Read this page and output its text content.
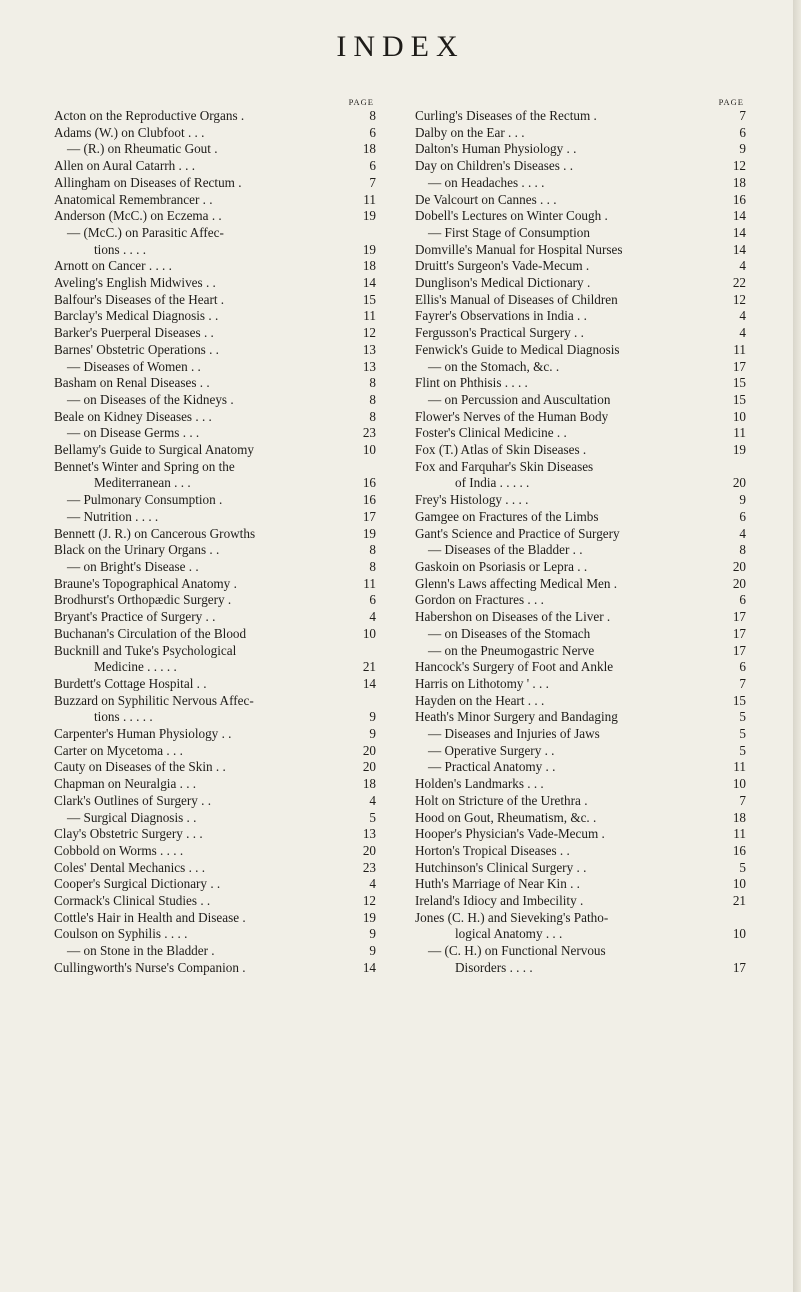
INDEX
PAGE
Acton on the Reproductive Organs .	8
Adams (W.) on Clubfoot . . .	6
— (R.) on Rheumatic Gout .	18
Allen on Aural Catarrh . . .	6
Allingham on Diseases of Rectum .	7
Anatomical Remembrancer . .	11
Anderson (McC.) on Eczema . .	19
— (McC.) on Parasitic Affec-
tions . . . .	19
Arnott on Cancer . . . .	18
Aveling's English Midwives . .	14
Balfour's Diseases of the Heart .	15
Barclay's Medical Diagnosis . .	11
Barker's Puerperal Diseases . .	12
Barnes' Obstetric Operations . .	13
— Diseases of Women . .	13
Basham on Renal Diseases . .	8
— on Diseases of the Kidneys .	8
Beale on Kidney Diseases . . .	8
— on Disease Germs . . .	23
Bellamy's Guide to Surgical Anatomy	10
Bennet's Winter and Spring on the
Mediterranean . . .	16
— Pulmonary Consumption .	16
— Nutrition . . . .	17
Bennett (J. R.) on Cancerous Growths	19
Black on the Urinary Organs . .	8
— on Bright's Disease . .	8
Braune's Topographical Anatomy .	11
Brodhurst's Orthopædic Surgery .	6
Bryant's Practice of Surgery . .	4
Buchanan's Circulation of the Blood	10
Bucknill and Tuke's Psychological
Medicine . . . . .	21
Burdett's Cottage Hospital . .	14
Buzzard on Syphilitic Nervous Affec-
tions . . . . .	9
Carpenter's Human Physiology . .	9
Carter on Mycetoma . . .	20
Cauty on Diseases of the Skin . .	20
Chapman on Neuralgia . . .	18
Clark's Outlines of Surgery . .	4
— Surgical Diagnosis . .	5
Clay's Obstetric Surgery . . .	13
Cobbold on Worms . . . .	20
Coles' Dental Mechanics . . .	23
Cooper's Surgical Dictionary . .	4
Cormack's Clinical Studies . .	12
Cottle's Hair in Health and Disease .	19
Coulson on Syphilis . . . .	9
— on Stone in the Bladder .	9
Cullingworth's Nurse's Companion .	14
PAGE
Curling's Diseases of the Rectum .	7
Dalby on the Ear . . .	6
Dalton's Human Physiology . .	9
Day on Children's Diseases . .	12
— on Headaches . . . .	18
De Valcourt on Cannes . . .	16
Dobell's Lectures on Winter Cough .	14
— First Stage of Consumption	14
Domville's Manual for Hospital Nurses	14
Druitt's Surgeon's Vade-Mecum .	4
Dunglison's Medical Dictionary .	22
Ellis's Manual of Diseases of Children	12
Fayrer's Observations in India . .	4
Fergusson's Practical Surgery . .	4
Fenwick's Guide to Medical Diagnosis	11
— on the Stomach, &c. .	17
Flint on Phthisis . . . .	15
— on Percussion and Auscultation	15
Flower's Nerves of the Human Body	10
Foster's Clinical Medicine . .	11
Fox (T.) Atlas of Skin Diseases .	19
Fox and Farquhar's Skin Diseases
of India . . . . .	20
Frey's Histology . . . .	9
Gamgee on Fractures of the Limbs	6
Gant's Science and Practice of Surgery	4
— Diseases of the Bladder . .	8
Gaskoin on Psoriasis or Lepra . .	20
Glenn's Laws affecting Medical Men .	20
Gordon on Fractures . . .	6
Habershon on Diseases of the Liver .	17
— on Diseases of the Stomach	17
— on the Pneumogastric Nerve	17
Hancock's Surgery of Foot and Ankle	6
Harris on Lithotomy ' . . .	7
Hayden on the Heart . . .	15
Heath's Minor Surgery and Bandaging	5
— Diseases and Injuries of Jaws	5
— Operative Surgery . .	5
— Practical Anatomy . .	11
Holden's Landmarks . . .	10
Holt on Stricture of the Urethra .	7
Hood on Gout, Rheumatism, &c. .	18
Hooper's Physician's Vade-Mecum .	11
Horton's Tropical Diseases . .	16
Hutchinson's Clinical Surgery . .	5
Huth's Marriage of Near Kin . .	10
Ireland's Idiocy and Imbecility .	21
Jones (C. H.) and Sieveking's Patho-
logical Anatomy . . .	10
— (C. H.) on Functional Nervous
Disorders . . . .	17
